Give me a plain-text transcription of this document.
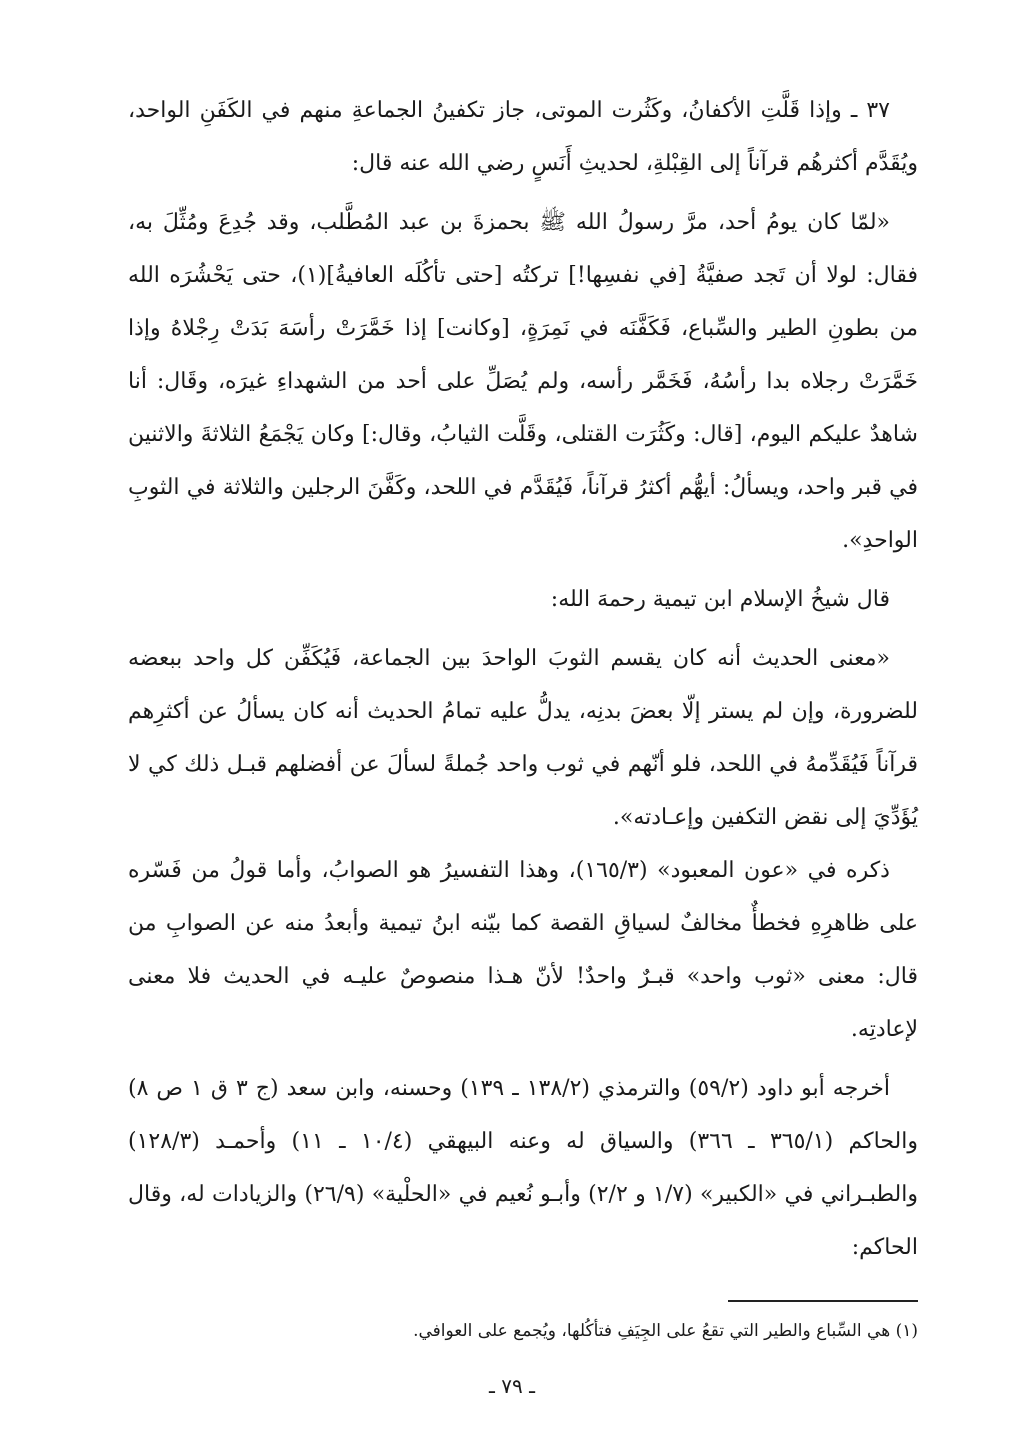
٣٧ ـ وإذا قَلَّتِ الأكفانُ، وكَثُرت الموتى، جاز تكفينُ الجماعةِ منهم في الكَفَنِ الواحد، ويُقَدَّم أكثرهُم قرآناً إلى القِبْلةِ، لحديثِ أَنَسٍ رضي الله عنه قال:

«لمّا كان يومُ أحد، مرَّ رسولُ الله ﷺ بحمزةَ بن عبد المُطَّلب، وقد جُدِعَ ومُثِّلَ به، فقال: لولا أن تَجد صفيَّةُ [في نفسِها!] تركتُه [حتى تأكُلَه العافيةُ](١)، حتى يَحْشُرَه الله من بطونِ الطير والسِّباع، فَكَفَّنَه في نَمِرَةٍ، [وكانت] إذا خَمَّرَتْ رأسَهَ بَدَتْ رِجْلاهُ وإذا خَمَّرَتْ رجلاه بدا رأسُهُ، فَخَمَّر رأسه، ولم يُصَلِّ على أحد من الشهداءِ غيرَه، وقَال: أنا شاهدٌ عليكم اليوم، [قال: وكَثُرَت القتلى، وقَلَّت الثيابُ، وقال:] وكان يَجْمَعُ الثلاثةَ والاثنين في قبر واحد، ويسألُ: أيهُّم أكثرُ قرآناً، فَيُقَدَّم في اللحد، وكَفَّنَ الرجلين والثلاثة في الثوبِ الواحدِ».

قال شيخُ الإسلام ابن تيمية رحمهَ الله:

«معنى الحديث أنه كان يقسم الثوبَ الواحدَ بين الجماعة، فَيُكَفِّن كل واحد ببعضه للضرورة، وإن لم يستر إلّا بعضَ بدنِه، يدلُّ عليه تمامُ الحديث أنه كان يسألُ عن أكثرِهم قرآناً فَيُقَدِّمهُ في اللحد، فلو أنّهم في ثوب واحد جُملةً لسألَ عن أفضلهم قبـل ذلك كي لا يُؤَدِّيَ إلى نقض التكفين وإعـادته».

ذكره في «عون المعبود» (١٦٥/٣)، وهذا التفسيرُ هو الصوابُ، وأما قولُ من فَسّره على ظاهرِهِ فخطأٌ مخالفٌ لسياقِ القصة كما بيّنه ابنُ تيمية وأبعدُ منه عن الصوابِ من قال: معنى «ثوب واحد» قبـرٌ واحدٌ! لأنّ هـذا منصوصٌ عليـه في الحديث فلا معنى لإعادتِه.

أخرجه أبو داود (٥٩/٢) والترمذي (١٣٨/٢ ـ ١٣٩) وحسنه، وابن سعد (ج ٣ ق ١ ص ٨) والحاكم (٣٦٥/١ ـ ٣٦٦) والسياق له وعنه البيهقي (١٠/٤ ـ ١١) وأحمـد (١٢٨/٣) والطبـراني في «الكبير» (١/٧ و ٢/٢) وأبـو نُعيم في «الحلْية» (٢٦/٩) والزيادات له، وقال الحاكم:

(١) هي السِّباع والطير التي تقعُ على الجِيَفِ فتأكُلها، ويُجمع على العوافي.

ـ ٧٩ ـ
